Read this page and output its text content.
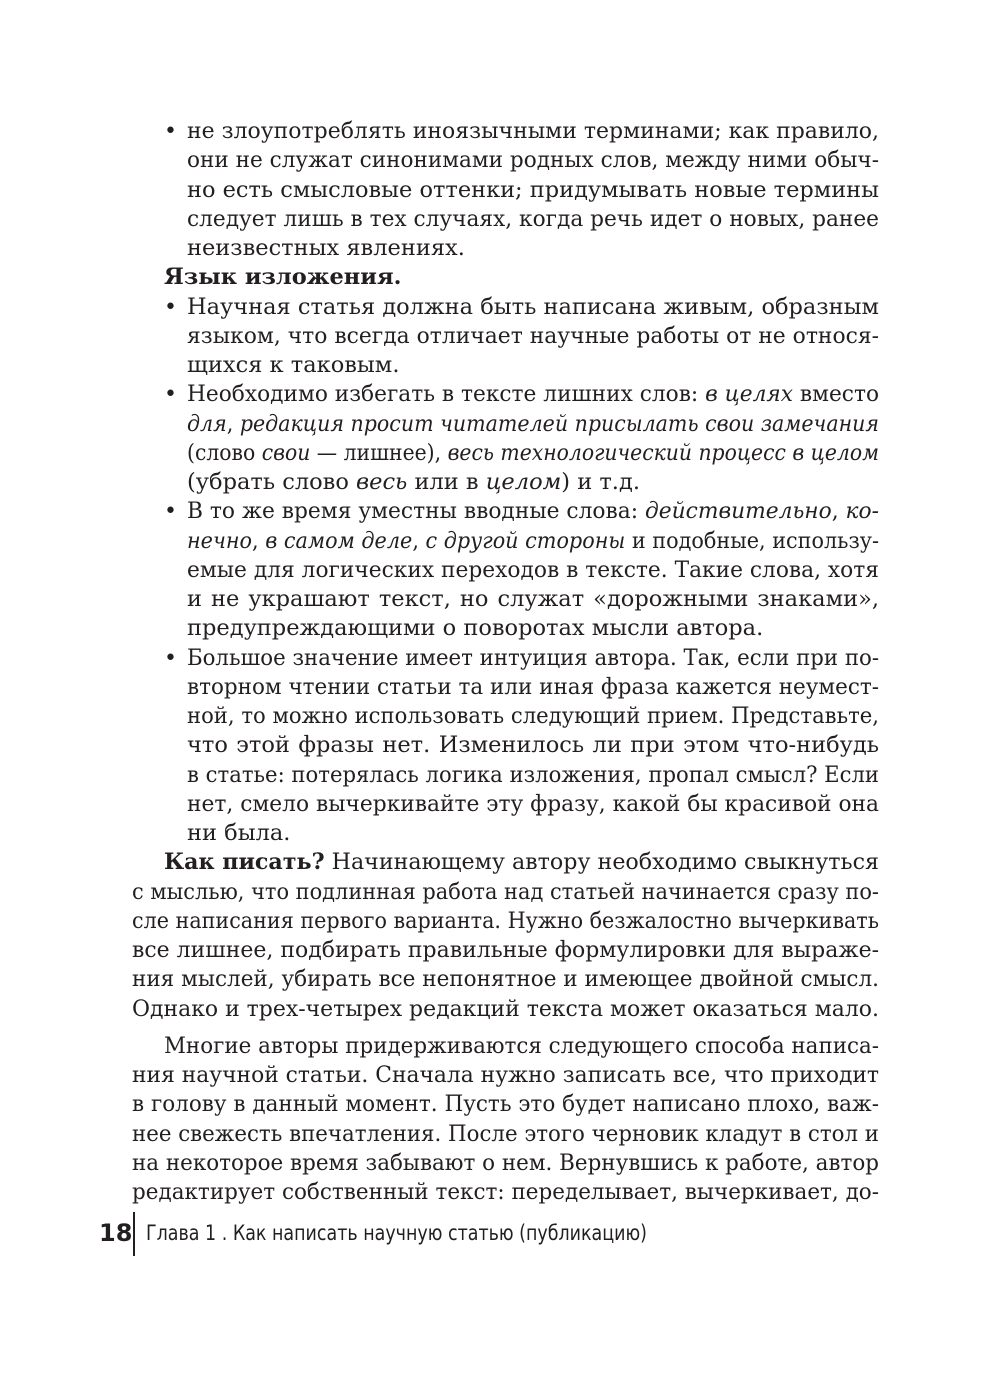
• не злоупотреблять иноязычными терминами; как правило,
они не служат синонимами родных слов, между ними обыч-
но есть смысловые оттенки; придумывать новые термины
следует лишь в тех случаях, когда речь идет о новых, ранее
неизвестных явлениях.
Язык изложения.
• Научная статья должна быть написана живым, образным
языком, что всегда отличает научные работы от не относя-
щихся к таковым.
• Необходимо избегать в тексте лишних слов: в целях вместо
для, редакция просит читателей присылать свои замечания
(слово свои — лишнее), весь технологический процесс в целом
(убрать слово весь или в целом) и т.д.
• В то же время уместны вводные слова: действительно, ко-
нечно, в самом деле, с другой стороны и подобные, использу-
емые для логических переходов в тексте. Такие слова, хотя
и не украшают текст, но служат «дорожными знаками»,
предупреждающими о поворотах мысли автора.
• Большое значение имеет интуиция автора. Так, если при по-
вторном чтении статьи та или иная фраза кажется неумест-
ной, то можно использовать следующий прием. Представьте,
что этой фразы нет. Изменилось ли при этом что-нибудь
в статье: потерялась логика изложения, пропал смысл? Если
нет, смело вычеркивайте эту фразу, какой бы красивой она
ни была.
Как писать? Начинающему автору необходимо свыкнуться
с мыслью, что подлинная работа над статьей начинается сразу по-
сле написания первого варианта. Нужно безжалостно вычеркивать
все лишнее, подбирать правильные формулировки для выраже-
ния мыслей, убирать все непонятное и имеющее двойной смысл.
Однако и трех-четырех редакций текста может оказаться мало.
Многие авторы придерживаются следующего способа написа-
ния научной статьи. Сначала нужно записать все, что приходит
в голову в данный момент. Пусть это будет написано плохо, важ-
нее свежесть впечатления. После этого черновик кладут в стол и
на некоторое время забывают о нем. Вернувшись к работе, автор
редактирует собственный текст: переделывает, вычеркивает, до-
18 Глава 1 . Как написать научную статью (публикацию)
